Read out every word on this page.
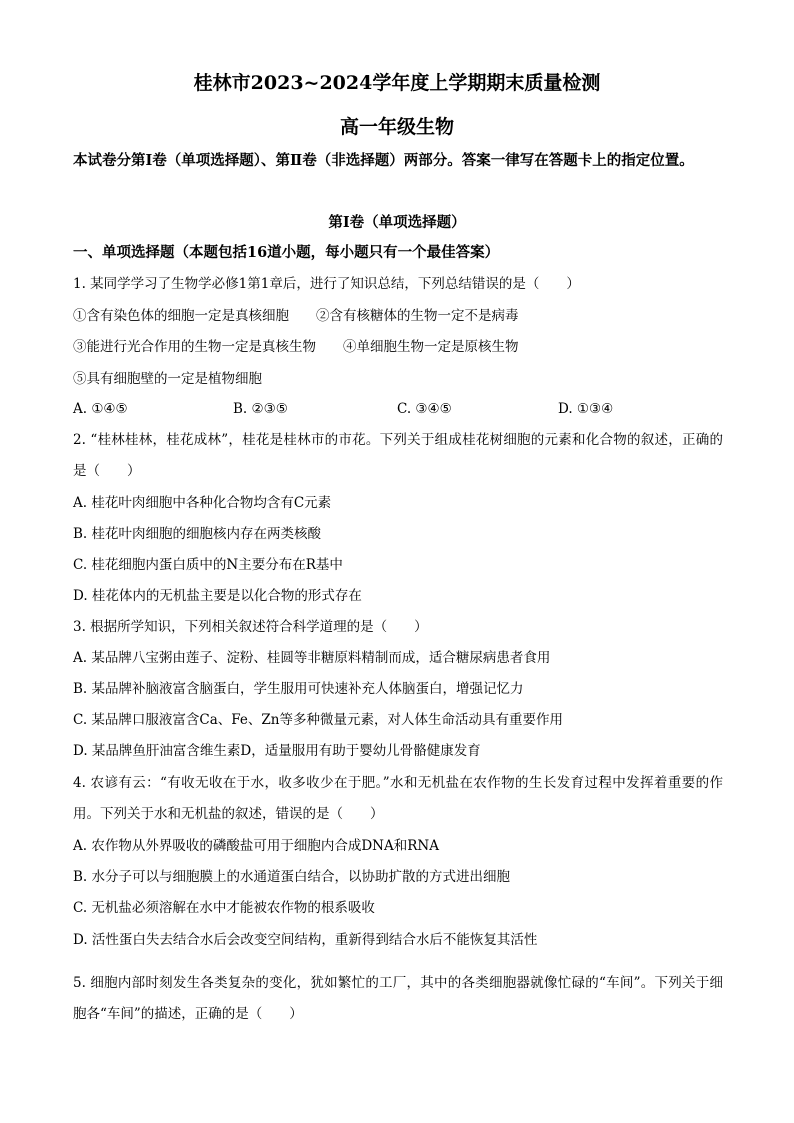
桂林市2023~2024学年度上学期期末质量检测
高一年级生物
本试卷分第Ⅰ卷（单项选择题）、第Ⅱ卷（非选择题）两部分。答案一律写在答题卡上的指定位置。
第Ⅰ卷（单项选择题）
一、单项选择题（本题包括16道小题，每小题只有一个最佳答案）
1. 某同学学习了生物学必修1第1章后，进行了知识总结，下列总结错误的是（　　）
①含有染色体的细胞一定是真核细胞　　②含有核糖体的生物一定不是病毒
③能进行光合作用的生物一定是真核生物　　④单细胞生物一定是原核生物
⑤具有细胞壁的一定是植物细胞
A. ①④⑤	B. ②③⑤	C. ③④⑤	D. ①③④
2. “桂林桂林，桂花成林”，桂花是桂林市的市花。下列关于组成桂花树细胞的元素和化合物的叙述，正确的是（　　）
A. 桂花叶肉细胞中各种化合物均含有C元素
B. 桂花叶肉细胞的细胞核内存在两类核酸
C. 桂花细胞内蛋白质中的N主要分布在R基中
D. 桂花体内的无机盐主要是以化合物的形式存在
3. 根据所学知识，下列相关叙述符合科学道理的是（　　）
A. 某品牌八宝粥由莲子、淀粉、桂圆等非糖原料精制而成，适合糖尿病患者食用
B. 某品牌补脑液富含脑蛋白，学生服用可快速补充人体脑蛋白，增强记忆力
C. 某品牌口服液富含Ca、Fe、Zn等多种微量元素，对人体生命活动具有重要作用
D. 某品牌鱼肝油富含维生素D，适量服用有助于婴幼儿骨骼健康发育
4. 农谚有云：“有收无收在于水，收多收少在于肥。”水和无机盐在农作物的生长发育过程中发挥着重要的作用。下列关于水和无机盐的叙述，错误的是（　　）
A. 农作物从外界吸收的磷酸盐可用于细胞内合成DNA和RNA
B. 水分子可以与细胞膜上的水通道蛋白结合，以协助扩散的方式进出细胞
C. 无机盐必须溶解在水中才能被农作物的根系吸收
D. 活性蛋白失去结合水后会改变空间结构，重新得到结合水后不能恢复其活性
5. 细胞内部时刻发生各类复杂的变化，犹如繁忙的工厂，其中的各类细胞器就像忙碌的“车间”。下列关于细胞各“车间”的描述，正确的是（　　）
